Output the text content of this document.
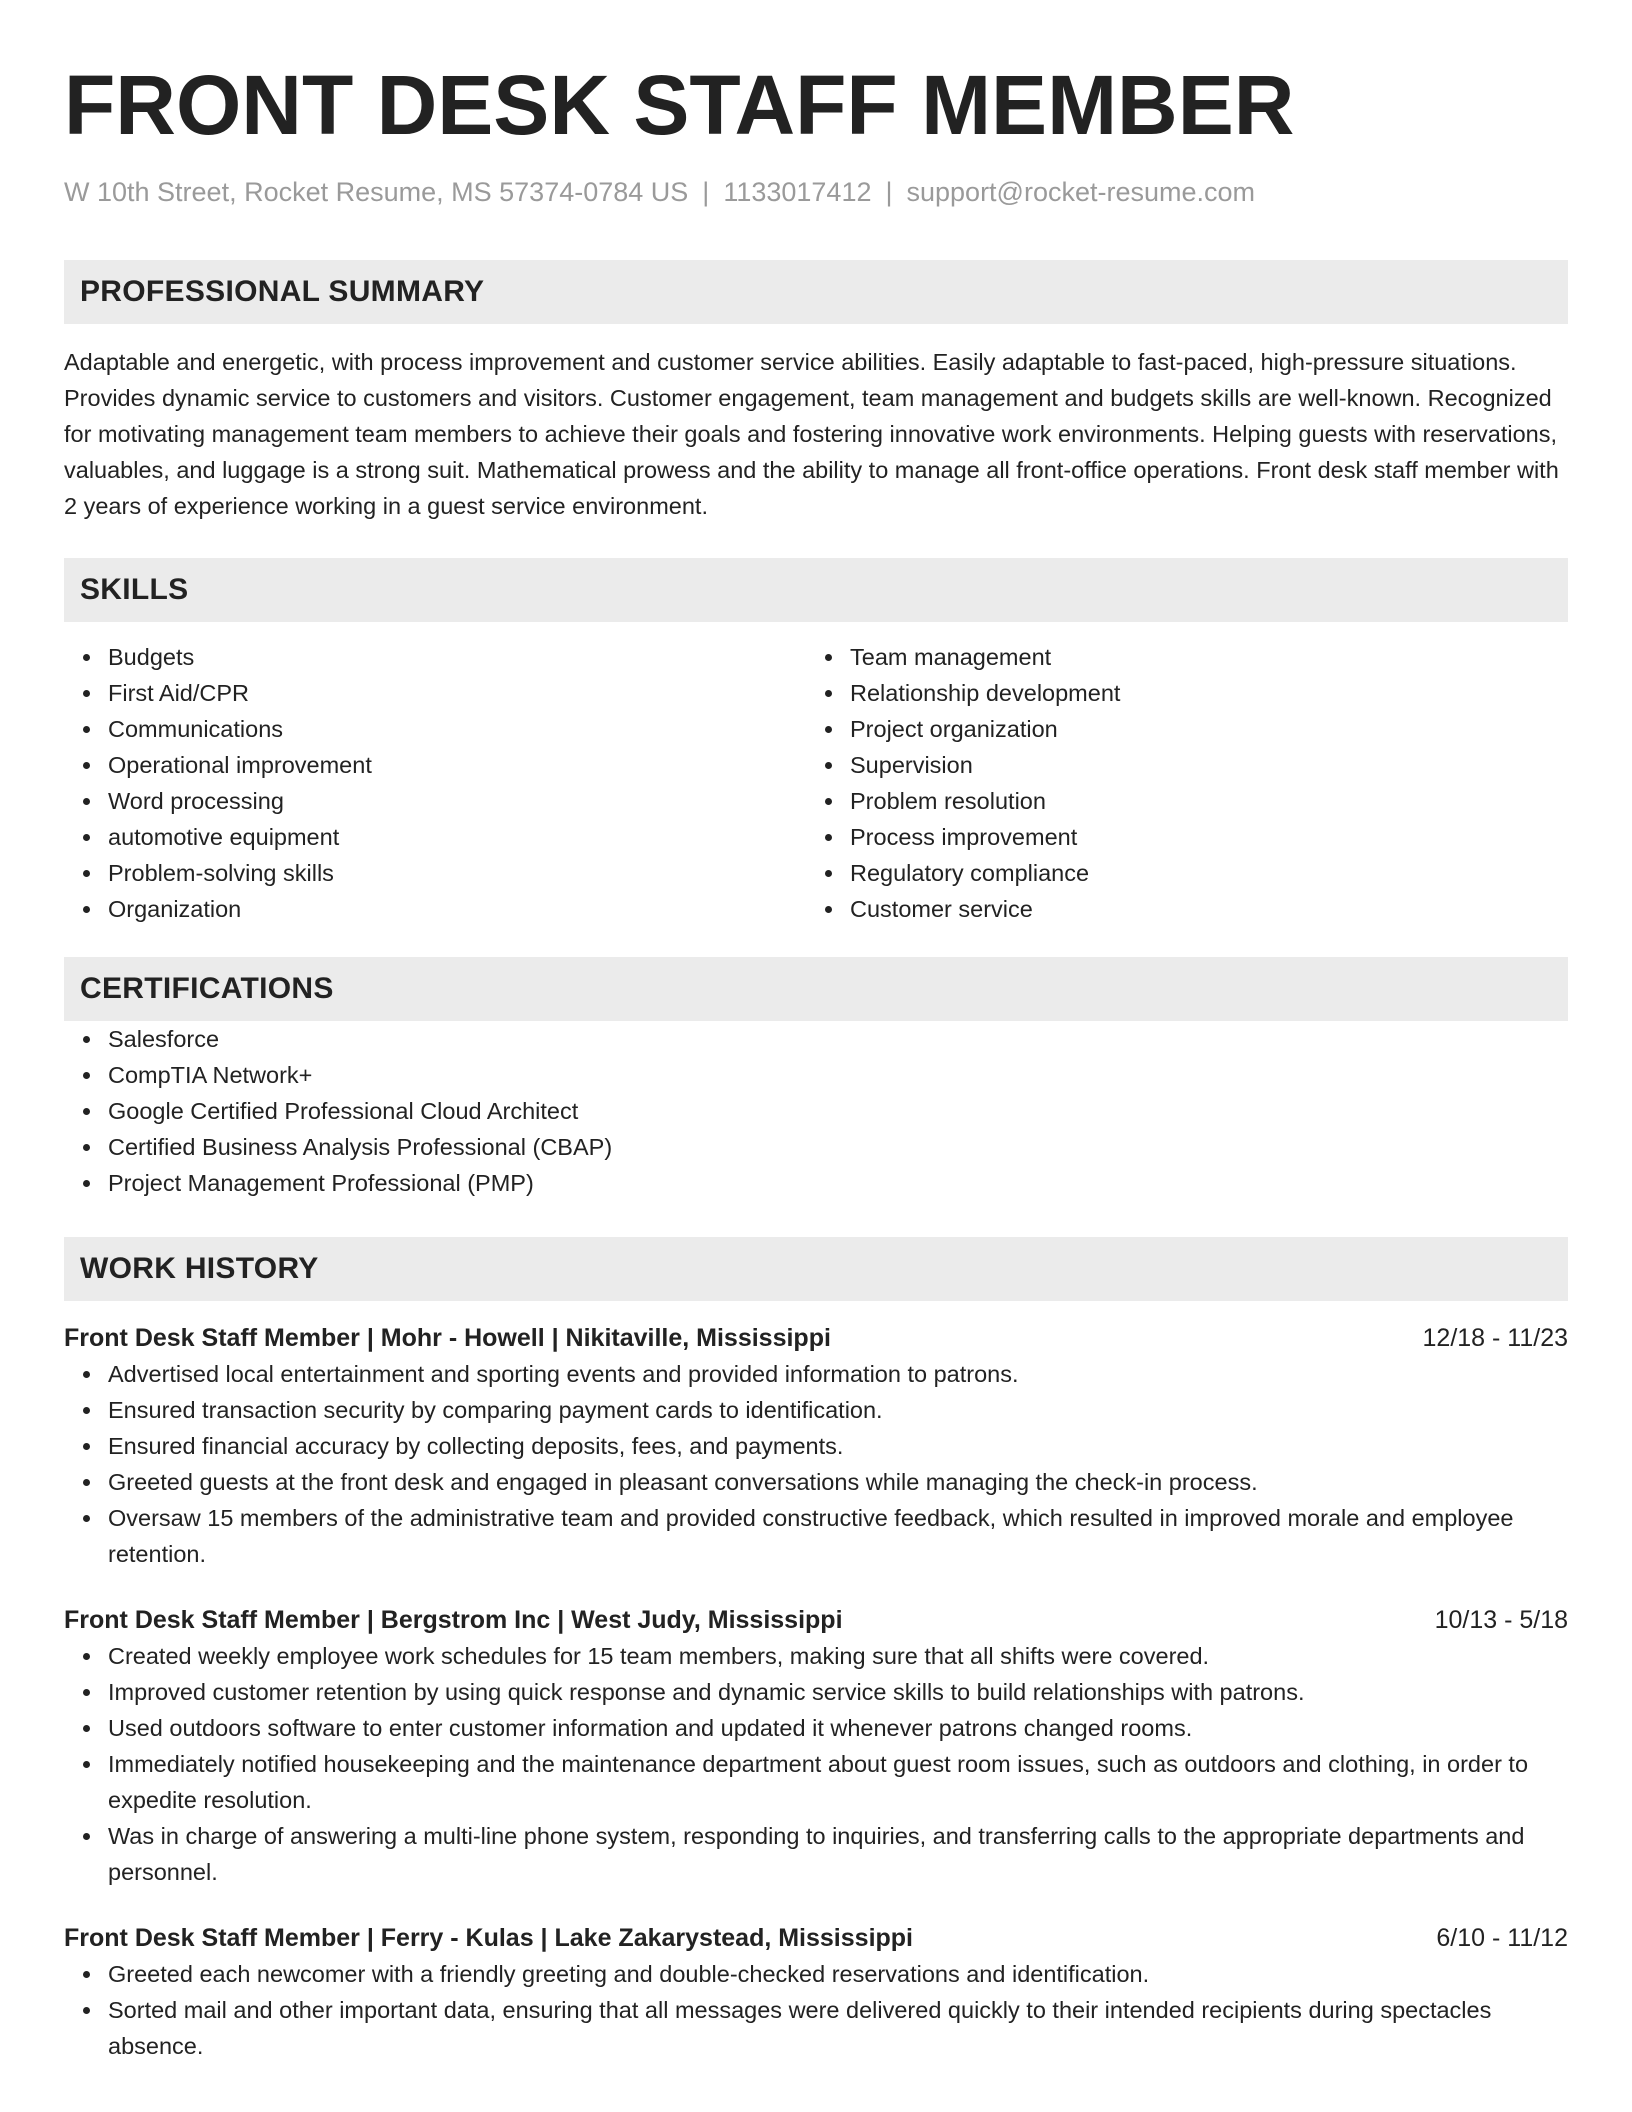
FRONT DESK STAFF MEMBER
W 10th Street, Rocket Resume, MS 57374-0784 US | 1133017412 | support@rocket-resume.com
PROFESSIONAL SUMMARY

Adaptable and energetic, with process improvement and customer service abilities. Easily adaptable to fast-paced, high-pressure situations. Provides dynamic service to customers and visitors. Customer engagement, team management and budgets skills are well-known. Recognized for motivating management team members to achieve their goals and fostering innovative work environments. Helping guests with reservations, valuables, and luggage is a strong suit. Mathematical prowess and the ability to manage all front-office operations. Front desk staff member with 2 years of experience working in a guest service environment.

SKILLS
Budgets
First Aid/CPR
Communications
Operational improvement
Word processing
automotive equipment
Problem-solving skills
Organization
Team management
Relationship development
Project organization
Supervision
Problem resolution
Process improvement
Regulatory compliance
Customer service
CERTIFICATIONS
Salesforce
CompTIA Network+
Google Certified Professional Cloud Architect
Certified Business Analysis Professional (CBAP)
Project Management Professional (PMP)
WORK HISTORY
Front Desk Staff Member | Mohr - Howell | Nikitaville, Mississippi	12/18 - 11/23
Advertised local entertainment and sporting events and provided information to patrons.
Ensured transaction security by comparing payment cards to identification.
Ensured financial accuracy by collecting deposits, fees, and payments.
Greeted guests at the front desk and engaged in pleasant conversations while managing the check-in process.
Oversaw 15 members of the administrative team and provided constructive feedback, which resulted in improved morale and employee retention.
Front Desk Staff Member | Bergstrom Inc | West Judy, Mississippi	10/13 - 5/18
Created weekly employee work schedules for 15 team members, making sure that all shifts were covered.
Improved customer retention by using quick response and dynamic service skills to build relationships with patrons.
Used outdoors software to enter customer information and updated it whenever patrons changed rooms.
Immediately notified housekeeping and the maintenance department about guest room issues, such as outdoors and clothing, in order to expedite resolution.
Was in charge of answering a multi-line phone system, responding to inquiries, and transferring calls to the appropriate departments and personnel.
Front Desk Staff Member | Ferry - Kulas | Lake Zakarystead, Mississippi	6/10 - 11/12
Greeted each newcomer with a friendly greeting and double-checked reservations and identification.
Sorted mail and other important data, ensuring that all messages were delivered quickly to their intended recipients during spectacles absence.
